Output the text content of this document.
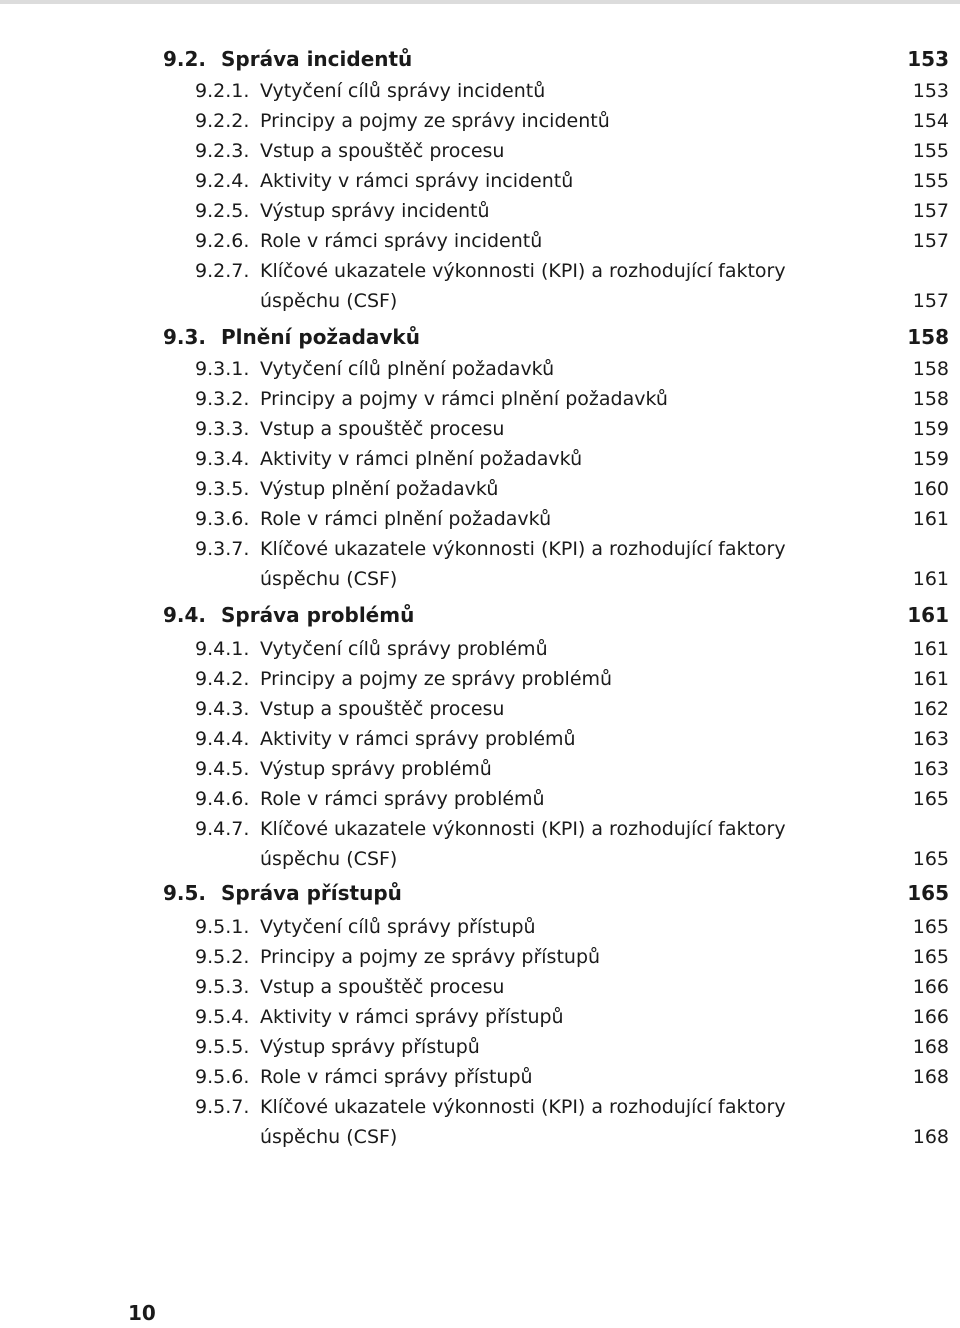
9.2. Správa incidentů	153
9.2.1. Vytyčení cílů správy incidentů	153
9.2.2. Principy a pojmy ze správy incidentů	154
9.2.3. Vstup a spouštěč procesu	155
9.2.4. Aktivity v rámci správy incidentů	155
9.2.5. Výstup správy incidentů	157
9.2.6. Role v rámci správy incidentů	157
9.2.7. Klíčové ukazatele výkonnosti (KPI) a rozhodující faktory
úspěchu (CSF)	157
9.3. Plnění požadavků	158
9.3.1. Vytyčení cílů plnění požadavků	158
9.3.2. Principy a pojmy v rámci plnění požadavků	158
9.3.3. Vstup a spouštěč procesu	159
9.3.4. Aktivity v rámci plnění požadavků	159
9.3.5. Výstup plnění požadavků	160
9.3.6. Role v rámci plnění požadavků	161
9.3.7. Klíčové ukazatele výkonnosti (KPI) a rozhodující faktory
úspěchu (CSF)	161
9.4. Správa problémů	161
9.4.1. Vytyčení cílů správy problémů	161
9.4.2. Principy a pojmy ze správy problémů	161
9.4.3. Vstup a spouštěč procesu	162
9.4.4. Aktivity v rámci správy problémů	163
9.4.5. Výstup správy problémů	163
9.4.6. Role v rámci správy problémů	165
9.4.7. Klíčové ukazatele výkonnosti (KPI) a rozhodující faktory
úspěchu (CSF)	165
9.5. Správa přístupů	165
9.5.1. Vytyčení cílů správy přístupů	165
9.5.2. Principy a pojmy ze správy přístupů	165
9.5.3. Vstup a spouštěč procesu	166
9.5.4. Aktivity v rámci správy přístupů	166
9.5.5. Výstup správy přístupů	168
9.5.6. Role v rámci správy přístupů	168
9.5.7. Klíčové ukazatele výkonnosti (KPI) a rozhodující faktory
úspěchu (CSF)	168
10
